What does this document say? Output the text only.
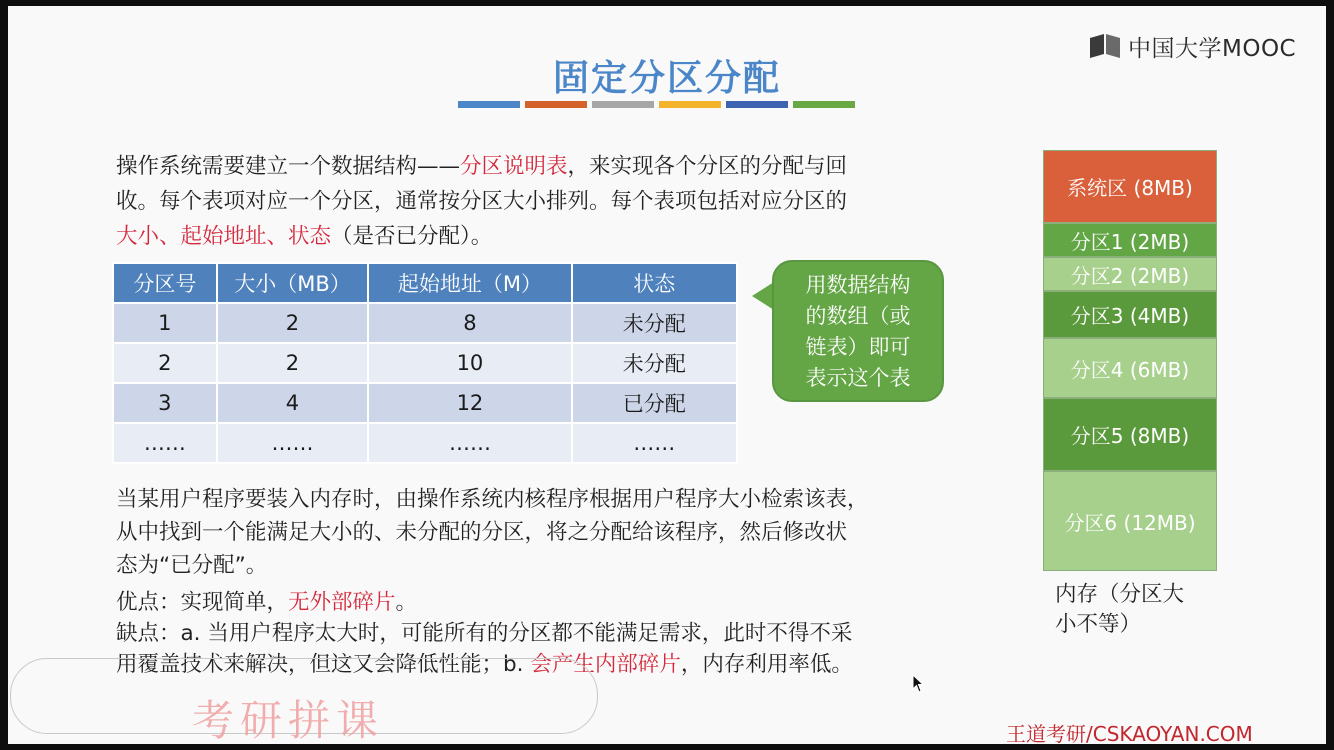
中国大学MOOC
固定分区分配
操作系统需要建立一个数据结构——分区说明表，来实现各个分区的分配与回
收。每个表项对应一个分区，通常按分区大小排列。每个表项包括对应分区的
大小、起始地址、状态（是否已分配）。
分区号	大小（MB）	起始地址（M）	状态
1	2	8	未分配
2	2	10	未分配
3	4	12	已分配
……	……	……	……
用数据结构
的数组（或
链表）即可
表示这个表
当某用户程序要装入内存时，由操作系统内核程序根据用户程序大小检索该表，
从中找到一个能满足大小的、未分配的分区，将之分配给该程序，然后修改状
态为“已分配”。
优点：实现简单，无外部碎片。
缺点：a. 当用户程序太大时，可能所有的分区都不能满足需求，此时不得不采
用覆盖技术来解决，但这又会降低性能；b. 会产生内部碎片，内存利用率低。
系统区 (8MB)
分区1 (2MB)
分区2 (2MB)
分区3 (4MB)
分区4 (6MB)
分区5 (8MB)
分区6 (12MB)
内存（分区大
小不等）
考研拼课	王道考研/CSKAOYAN.COM
